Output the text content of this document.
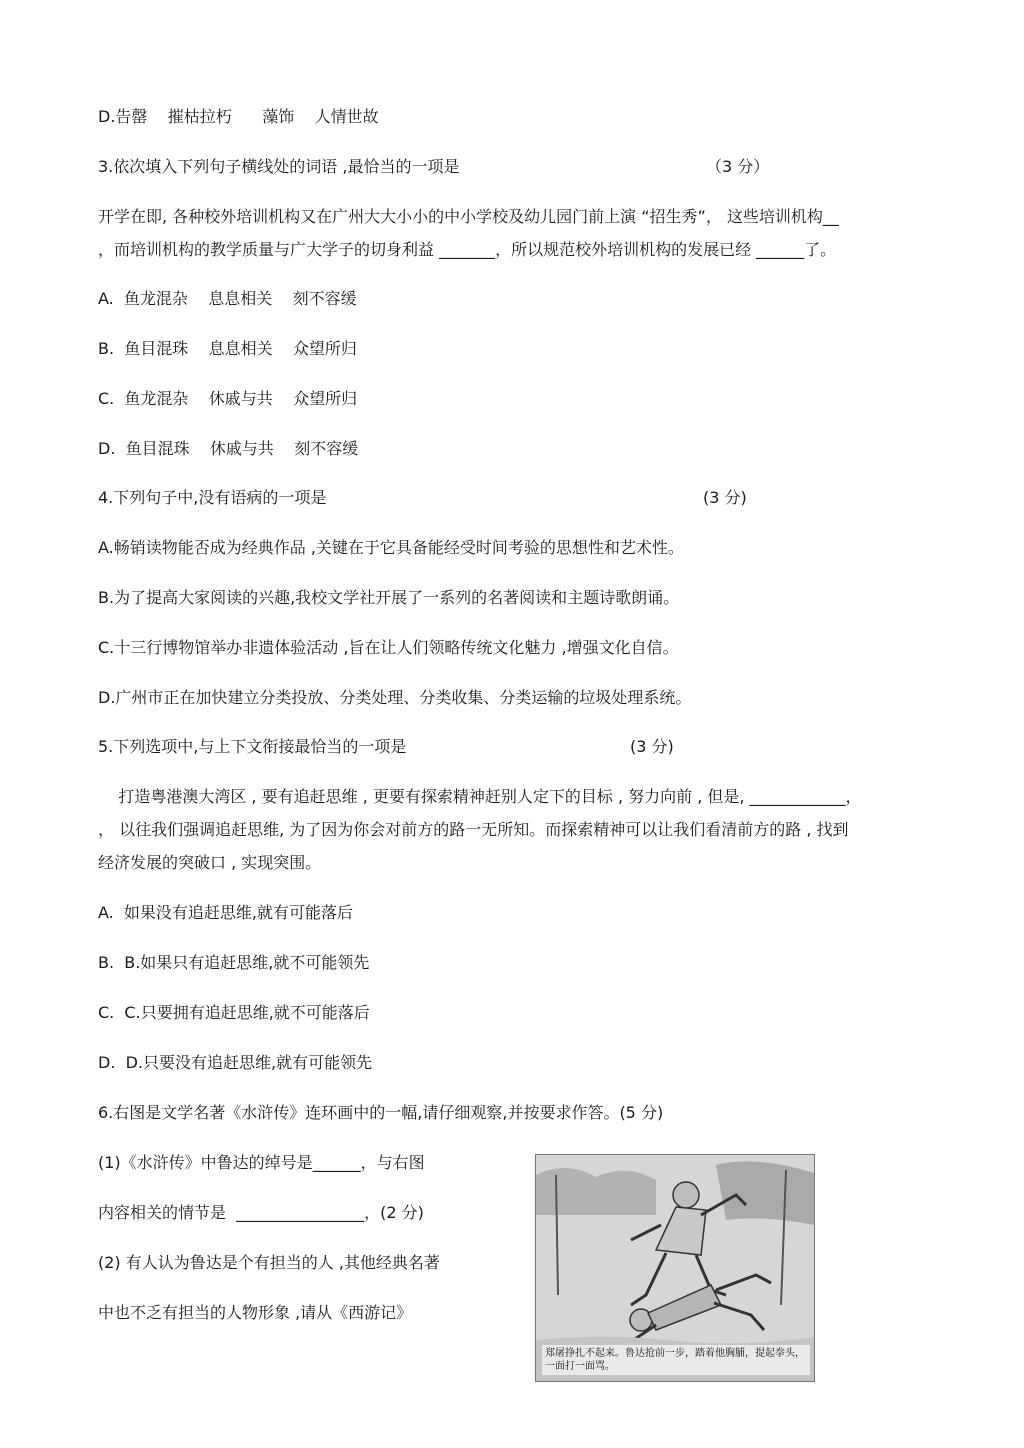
D.告罄    摧枯拉朽      藻饰    人情世故
3.依次填入下列句子横线处的词语 ,最恰当的一项是	（3 分）
开学在即, 各种校外培训机构又在广州大大小小的中小学校及幼儿园门前上演 “招生秀”， 这些培训机构__
，而培训机构的教学质量与广大学子的切身利益 _______，所以规范校外培训机构的发展已经 ______了。
A.  鱼龙混杂    息息相关    刻不容缓
B.  鱼目混珠    息息相关    众望所归
C.  鱼龙混杂    休戚与共    众望所归
D.  鱼目混珠    休戚与共    刻不容缓
4.下列句子中,没有语病的一项是	(3 分)
A.畅销读物能否成为经典作品 ,关键在于它具备能经受时间考验的思想性和艺术性。
B.为了提高大家阅读的兴趣,我校文学社开展了一系列的名著阅读和主题诗歌朗诵。
C.十三行博物馆举办非遗体验活动 ,旨在让人们领略传统文化魅力 ,增强文化自信。
D.广州市正在加快建立分类投放、分类处理、分类收集、分类运输的垃圾处理系统。
5.下列选项中,与上下文衔接最恰当的一项是	(3 分)
打造粤港澳大湾区 , 要有追赶思维 , 更要有探索精神赶别人定下的目标 , 努力向前 , 但是, ____________，
， 以往我们强调追赶思维, 为了因为你会对前方的路一无所知。而探索精神可以让我们看清前方的路 , 找到
经济发展的突破口 , 实现突围。
A.  如果没有追赶思维,就有可能落后
B.  B.如果只有追赶思维,就不可能领先
C.  C.只要拥有追赶思维,就不可能落后
D.  D.只要没有追赶思维,就有可能领先
6.右图是文学名著《水浒传》连环画中的一幅,请仔细观察,并按要求作答。(5 分)
(1)《水浒传》中鲁达的绰号是______，与右图
内容相关的情节是  ________________，(2 分)
(2) 有人认为鲁达是个有担当的人 ,其他经典名著
中也不乏有担当的人物形象 ,请从《西游记》
郑屠挣扎不起来。鲁达抢前一步，踏着他胸脯，提起拳头，一面打一面骂。
